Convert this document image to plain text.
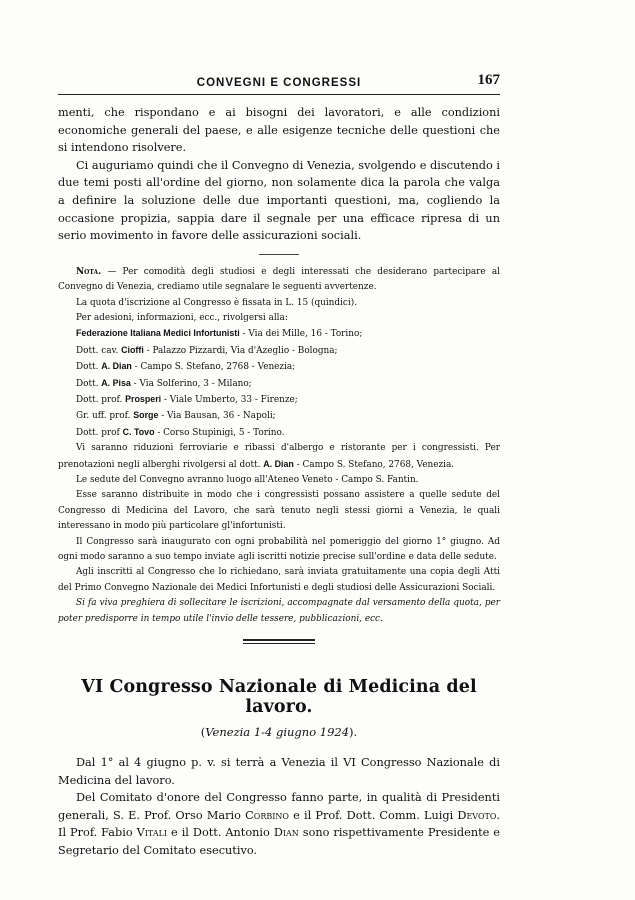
CONVEGNI E CONGRESSI	167

menti, che rispondano e ai bisogni dei lavoratori, e alle condizioni economiche generali del paese, e alle esigenze tecniche delle questioni che si intendono risolvere.

Ci auguriamo quindi che il Convegno di Venezia, svolgendo e discutendo i due temi posti all'ordine del giorno, non solamente dica la parola che valga a definire la soluzione delle due importanti questioni, ma, cogliendo la occasione propizia, sappia dare il segnale per una efficace ripresa di un serio movimento in favore delle assicurazioni sociali.

Nota. — Per comodità degli studiosi e degli interessati che desiderano partecipare al Convegno di Venezia, crediamo utile segnalare le seguenti avvertenze.

La quota d'iscrizione al Congresso è fissata in L. 15 (quindici).

Per adesioni, informazioni, ecc., rivolgersi alla:

Federazione Italiana Medici Infortunisti - Via dei Mille, 16 - Torino;

Dott. cav. Cioffi - Palazzo Pizzardi, Via d'Azeglio - Bologna;

Dott. A. Dian - Campo S. Stefano, 2768 - Venezia;

Dott. A. Pisa - Via Solferino, 3 - Milano;

Dott. prof. Prosperi - Viale Umberto, 33 - Firenze;

Gr. uff. prof. Sorge - Via Bausan, 36 - Napoli;

Dott. prof C. Tovo - Corso Stupinigi, 5 - Torino.

Vi saranno riduzioni ferroviarie e ribassi d'albergo e ristorante per i congressisti. Per prenotazioni negli alberghi rivolgersi al dott. A. Dian - Campo S. Stefano, 2768, Venezia.

Le sedute del Convegno avranno luogo all'Ateneo Veneto - Campo S. Fantin.

Esse saranno distribuite in modo che i congressisti possano assistere a quelle sedute del Congresso di Medicina del Lavoro, che sarà tenuto negli stessi giorni a Venezia, le quali interessano in modo più particolare gl'infortunisti.

Il Congresso sarà inaugurato con ogni probabilità nel pomeriggio del giorno 1° giugno. Ad ogni modo saranno a suo tempo inviate agli iscritti notizie precise sull'ordine e data delle sedute.

Agli inscritti al Congresso che lo richiedano, sarà inviata gratuitamente una copia degli Atti del Primo Convegno Nazionale dei Medici Infortunisti e degli studiosi delle Assicurazioni Sociali.

Si fa viva preghiera di sollecitare le iscrizioni, accompagnate dal versamento della quota, per poter predisporre in tempo utile l'invio delle tessere, pubblicazioni, ecc.

VI Congresso Nazionale di Medicina del lavoro.
(Venezia 1-4 giugno 1924).

Dal 1° al 4 giugno p. v. si terrà a Venezia il VI Congresso Nazionale di Medicina del lavoro.

Del Comitato d'onore del Congresso fanno parte, in qualità di Presidenti generali, S. E. Prof. Orso Mario Corbino e il Prof. Dott. Comm. Luigi Devoto. Il Prof. Fabio Vitali e il Dott. Antonio Dian sono rispettivamente Presidente e Segretario del Comitato esecutivo.
